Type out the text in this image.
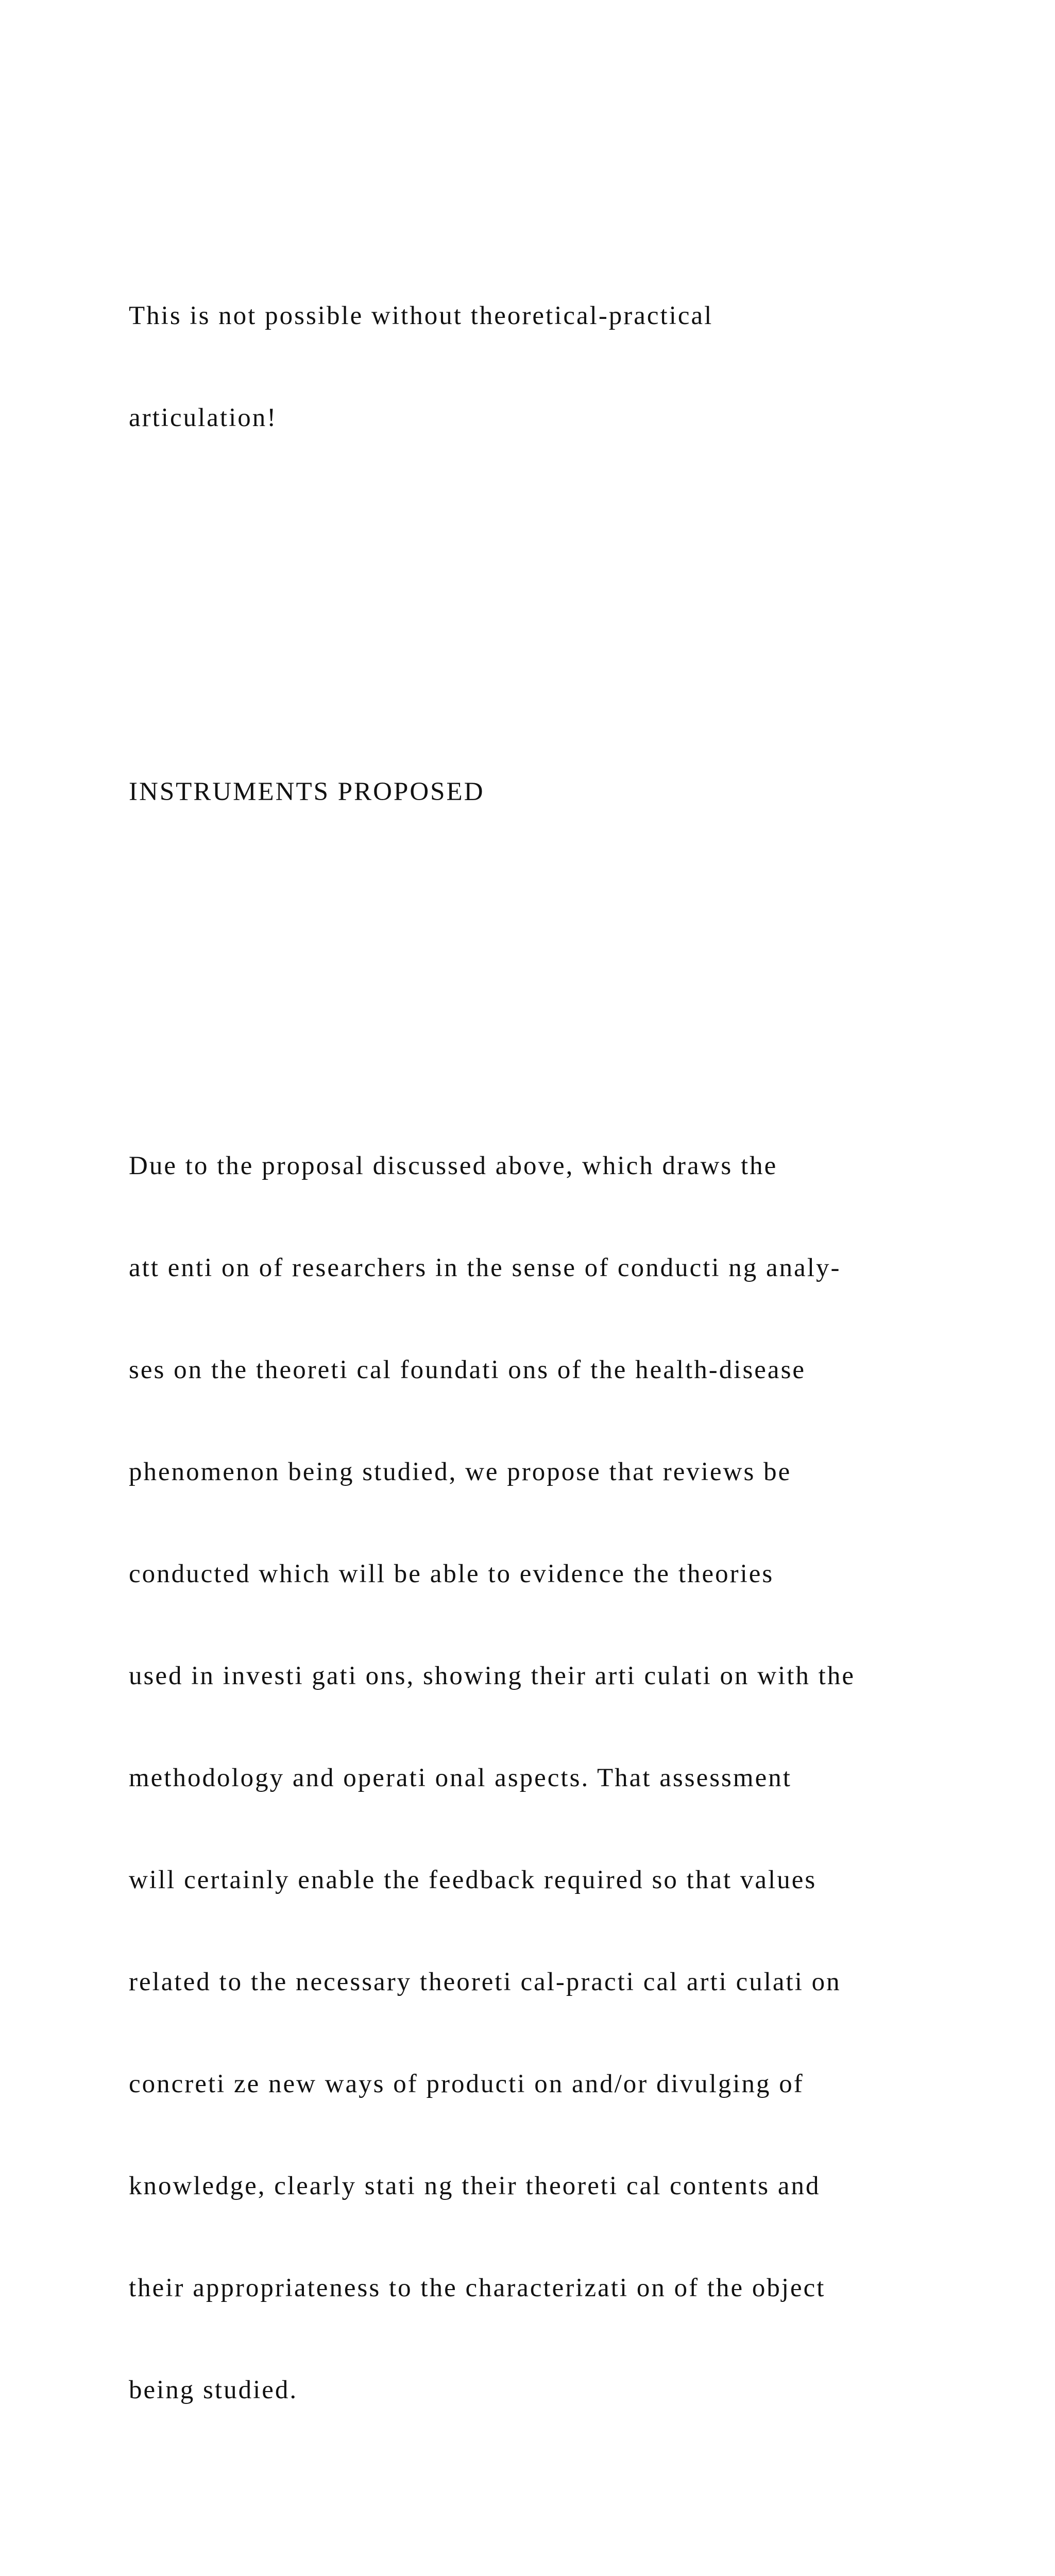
This is not possible without theoretical-practical

articulation!

INSTRUMENTS PROPOSED

Due to the proposal discussed above, which draws the

att enti on of researchers in the sense of conducti ng analy-

ses on the theoreti cal foundati ons of the health-disease

phenomenon being studied, we propose that reviews be

conducted which will be able to evidence the theories

used in investi gati ons, showing their arti culati on with the

methodology and operati onal aspects. That assessment

will certainly enable the feedback required so that values

related to the necessary theoreti cal-practi cal arti culati on

concreti ze new ways of producti on and/or divulging of

knowledge, clearly stati ng their theoreti cal contents and

their appropriateness to the characterizati on of the object

being studied.
